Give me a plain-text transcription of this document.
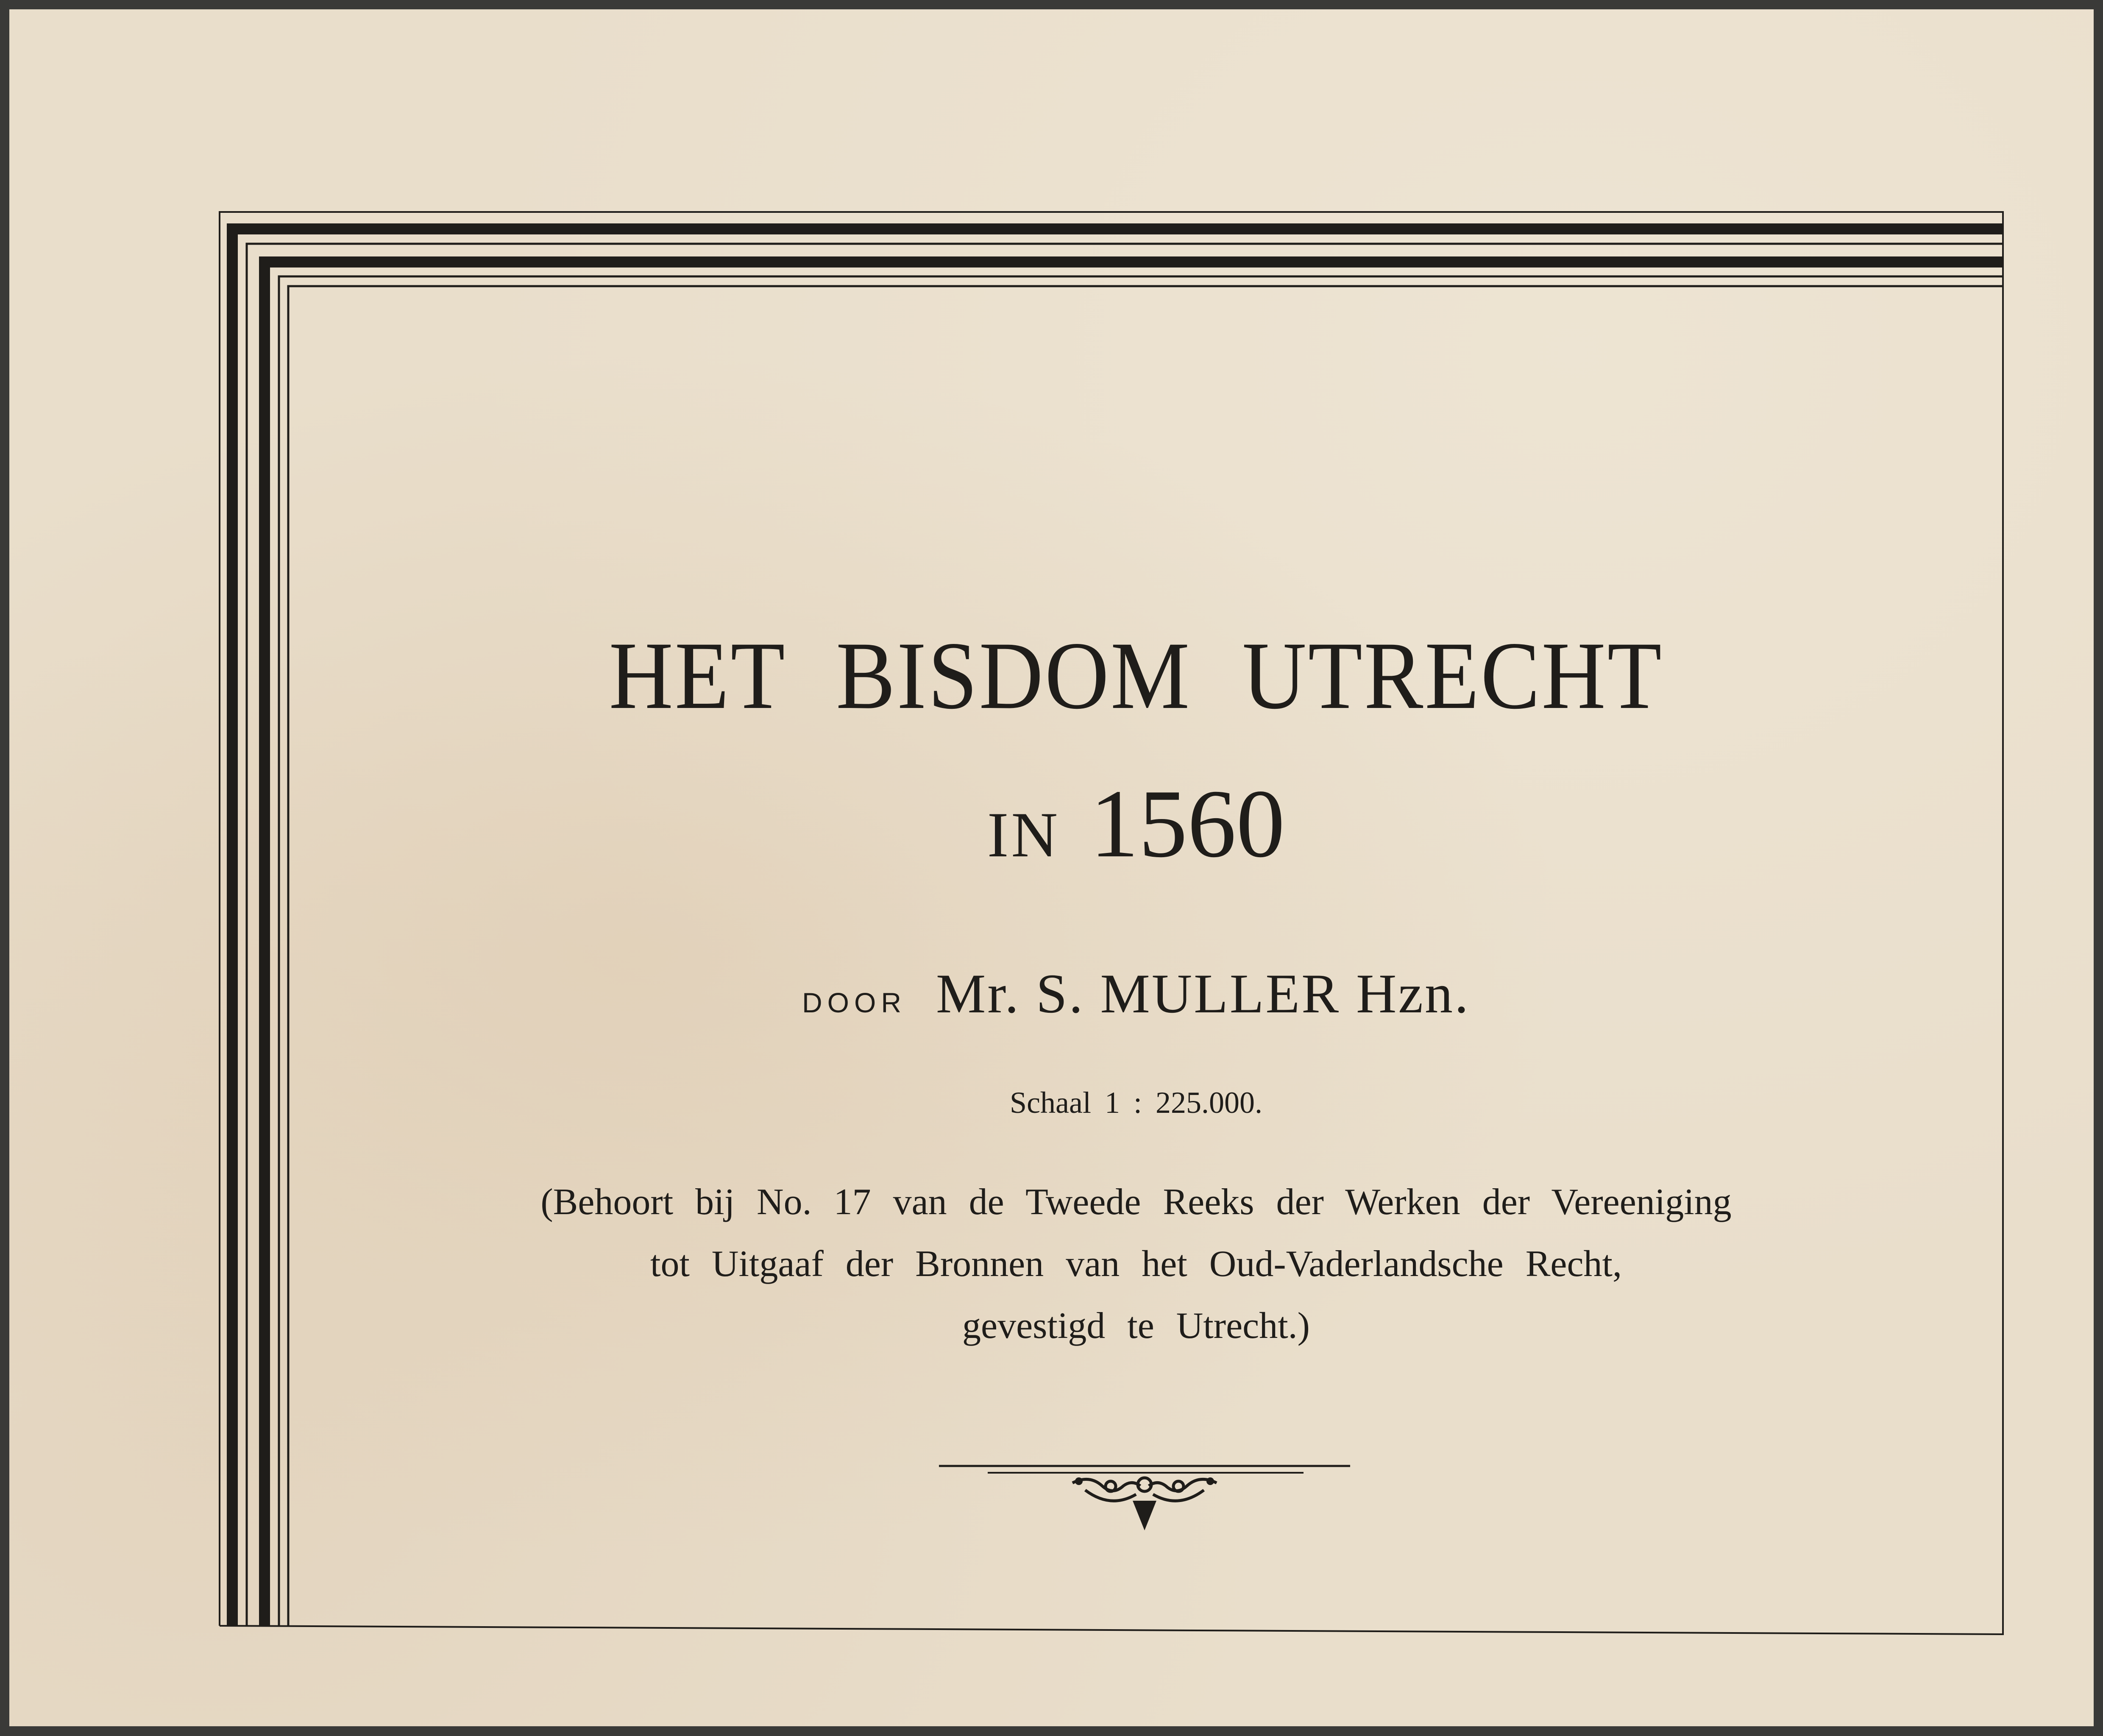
HET BISDOM UTRECHT
IN 1560
DOOR Mr. S. MULLER Hzn.
Schaal 1 : 225.000.
(Behoort bij No. 17 van de Tweede Reeks der Werken der Vereeniging
tot Uitgaaf der Bronnen van het Oud-Vaderlandsche Recht,
gevestigd te Utrecht.)
